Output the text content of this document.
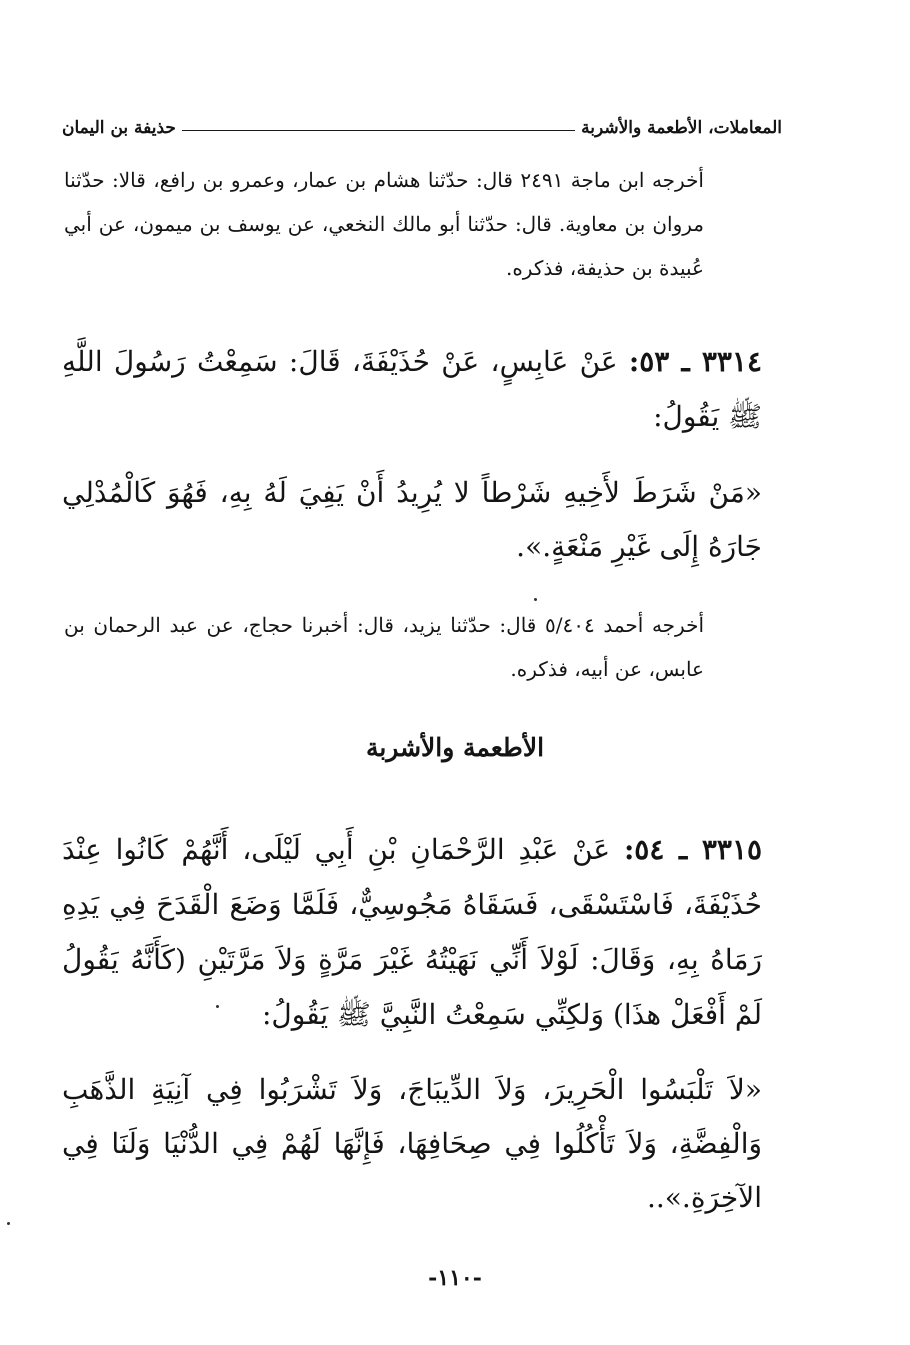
المعاملات، الأطعمة والأشربة
حذيفة بن اليمان

أخرجه ابن ماجة ٢٤٩١ قال: حدّثنا هشام بن عمار، وعمرو بن رافع، قالا: حدّثنا مروان بن معاوية. قال: حدّثنا أبو مالك النخعي، عن يوسف بن ميمون، عن أبي عُبيدة بن حذيفة، فذكره.

٣٣١٤ ـ ٥٣: عَنْ عَابِسٍ، عَنْ حُذَيْفَةَ، قَالَ: سَمِعْتُ رَسُولَ اللَّهِ ﷺ يَقُولُ:

«مَنْ شَرَطَ لأَخِيهِ شَرْطاً لا يُرِيدُ أَنْ يَفِيَ لَهُ بِهِ، فَهُوَ كَالْمُدْلِي جَارَهُ إِلَى غَيْرِ مَنْعَةٍ.».

أخرجه أحمد ٥/٤٠٤ قال: حدّثنا يزيد، قال: أخبرنا حجاج، عن عبد الرحمان بن عابس، عن أبيه، فذكره.

الأطعمة والأشربة

٣٣١٥ ـ ٥٤: عَنْ عَبْدِ الرَّحْمَانِ بْنِ أَبِي لَيْلَى، أَنَّهُمْ كَانُوا عِنْدَ حُذَيْفَةَ، فَاسْتَسْقَى، فَسَقَاهُ مَجُوسِيٌّ، فَلَمَّا وَضَعَ الْقَدَحَ فِي يَدِهِ رَمَاهُ بِهِ، وَقَالَ: لَوْلاَ أَنِّي نَهَيْتُهُ غَيْرَ مَرَّةٍ وَلاَ مَرَّتَيْنِ (كَأَنَّهُ يَقُولُ لَمْ أَفْعَلْ هذَا) وَلكِنِّي سَمِعْتُ النَّبِيَّ ﷺ يَقُولُ:

«لاَ تَلْبَسُوا الْحَرِيرَ، وَلاَ الدِّيبَاجَ، وَلاَ تَشْرَبُوا فِي آنِيَةِ الذَّهَبِ وَالْفِضَّةِ، وَلاَ تَأْكُلُوا فِي صِحَافِهَا، فَإِنَّهَا لَهُمْ فِي الدُّنْيَا وَلَنَا فِي الآخِرَةِ.»..

-١١٠-
